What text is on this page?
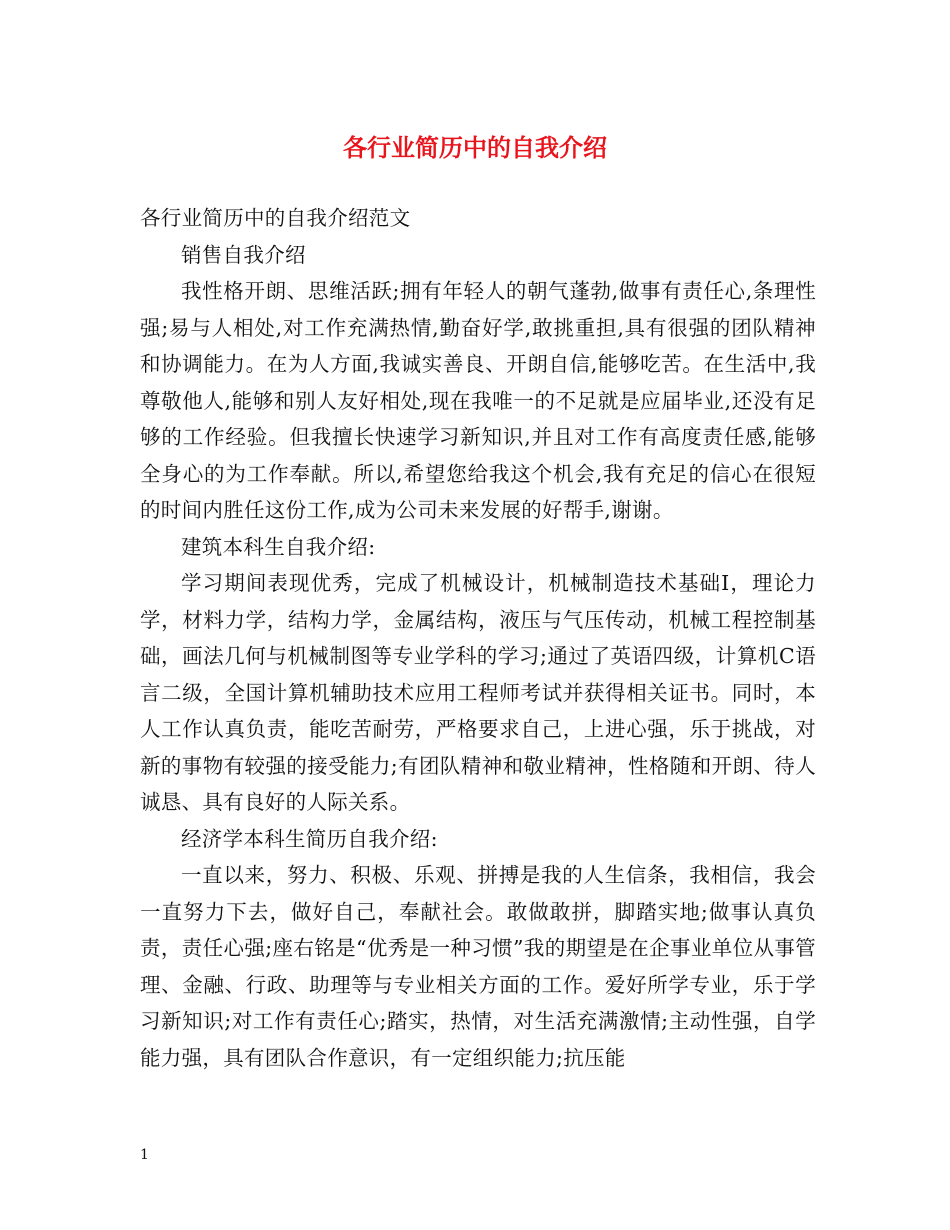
各行业简历中的自我介绍

各行业简历中的自我介绍范文

销售自我介绍

我性格开朗、思维活跃;拥有年轻人的朝气蓬勃,做事有责任心,条理性强;易与人相处,对工作充满热情,勤奋好学,敢挑重担,具有很强的团队精神和协调能力。在为人方面,我诚实善良、开朗自信,能够吃苦。在生活中,我尊敬他人,能够和别人友好相处,现在我唯一的不足就是应届毕业,还没有足够的工作经验。但我擅长快速学习新知识,并且对工作有高度责任感,能够全身心的为工作奉献。所以,希望您给我这个机会,我有充足的信心在很短的时间内胜任这份工作,成为公司未来发展的好帮手,谢谢。

建筑本科生自我介绍:

学习期间表现优秀，完成了机械设计，机械制造技术基础Ⅰ，理论力学，材料力学，结构力学，金属结构，液压与气压传动，机械工程控制基础，画法几何与机械制图等专业学科的学习;通过了英语四级，计算机C语言二级，全国计算机辅助技术应用工程师考试并获得相关证书。同时，本人工作认真负责，能吃苦耐劳，严格要求自己，上进心强，乐于挑战，对新的事物有较强的接受能力;有团队精神和敬业精神，性格随和开朗、待人诚恳、具有良好的人际关系。

经济学本科生简历自我介绍:

一直以来，努力、积极、乐观、拼搏是我的人生信条，我相信，我会一直努力下去，做好自己，奉献社会。敢做敢拼，脚踏实地;做事认真负责，责任心强;座右铭是“优秀是一种习惯”我的期望是在企事业单位从事管理、金融、行政、助理等与专业相关方面的工作。爱好所学专业，乐于学习新知识;对工作有责任心;踏实，热情，对生活充满激情;主动性强，自学能力强，具有团队合作意识，有一定组织能力;抗压能

1
